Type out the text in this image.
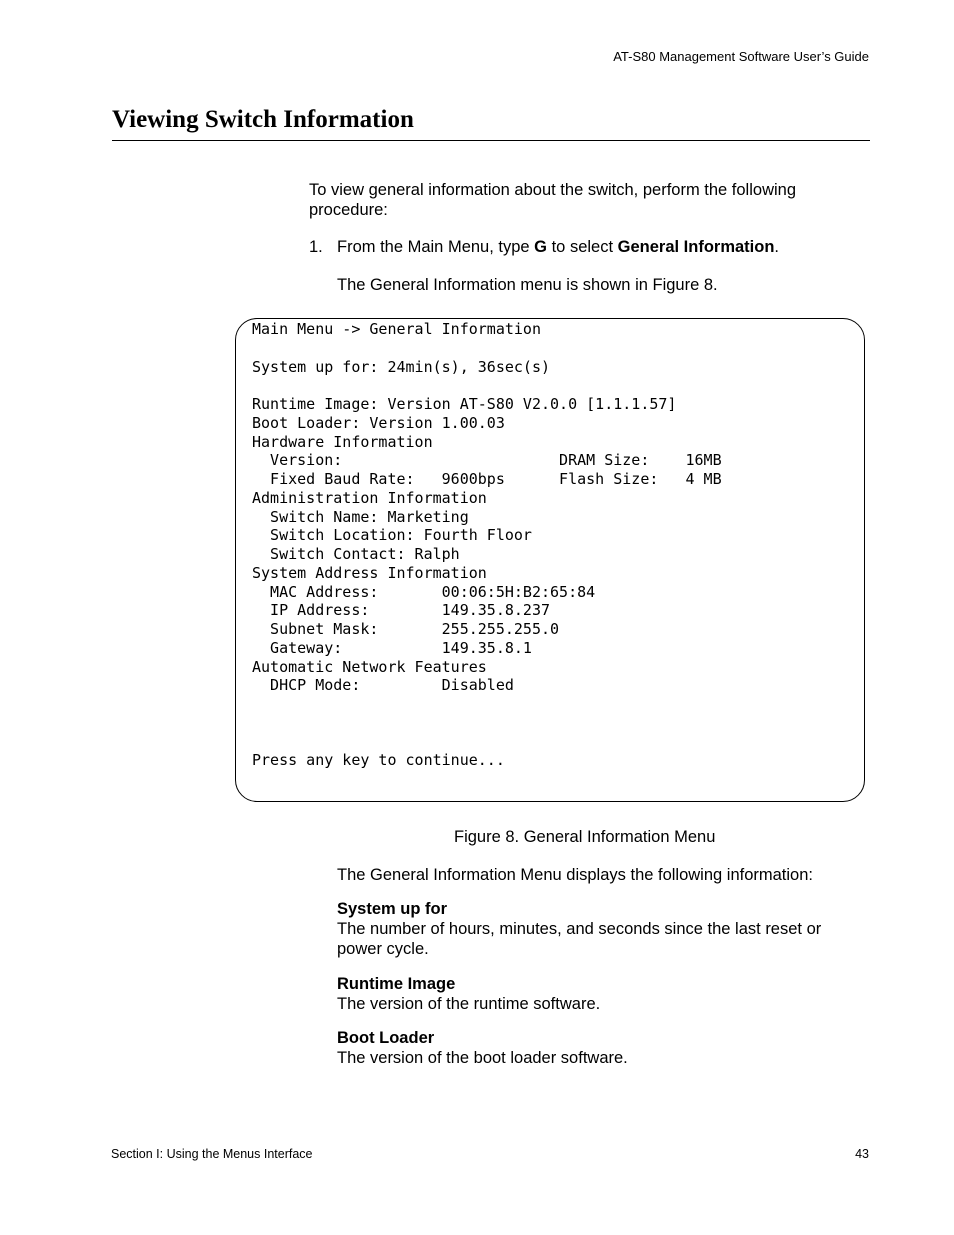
AT-S80 Management Software User’s Guide
Viewing Switch Information
To view general information about the switch, perform the following procedure:
1. From the Main Menu, type G to select General Information.
The General Information menu is shown in Figure 8.
Main Menu -> General Information
System up for: 24min(s), 36sec(s)
Runtime Image: Version AT-S80 V2.0.0 [1.1.1.57]
Boot Loader: Version 1.00.03
Hardware Information
Version:                        DRAM Size:    16MB
Fixed Baud Rate:   9600bps      Flash Size:   4 MB
Administration Information
Switch Name: Marketing
Switch Location: Fourth Floor
Switch Contact: Ralph
System Address Information
MAC Address:       00:06:5H:B2:65:84
IP Address:        149.35.8.237
Subnet Mask:       255.255.255.0
Gateway:           149.35.8.1
Automatic Network Features
DHCP Mode:         Disabled
Press any key to continue...
Figure 8. General Information Menu
The General Information Menu displays the following information:
System up for
The number of hours, minutes, and seconds since the last reset or power cycle.
Runtime Image
The version of the runtime software.
Boot Loader
The version of the boot loader software.
Section I: Using the Menus Interface	43
